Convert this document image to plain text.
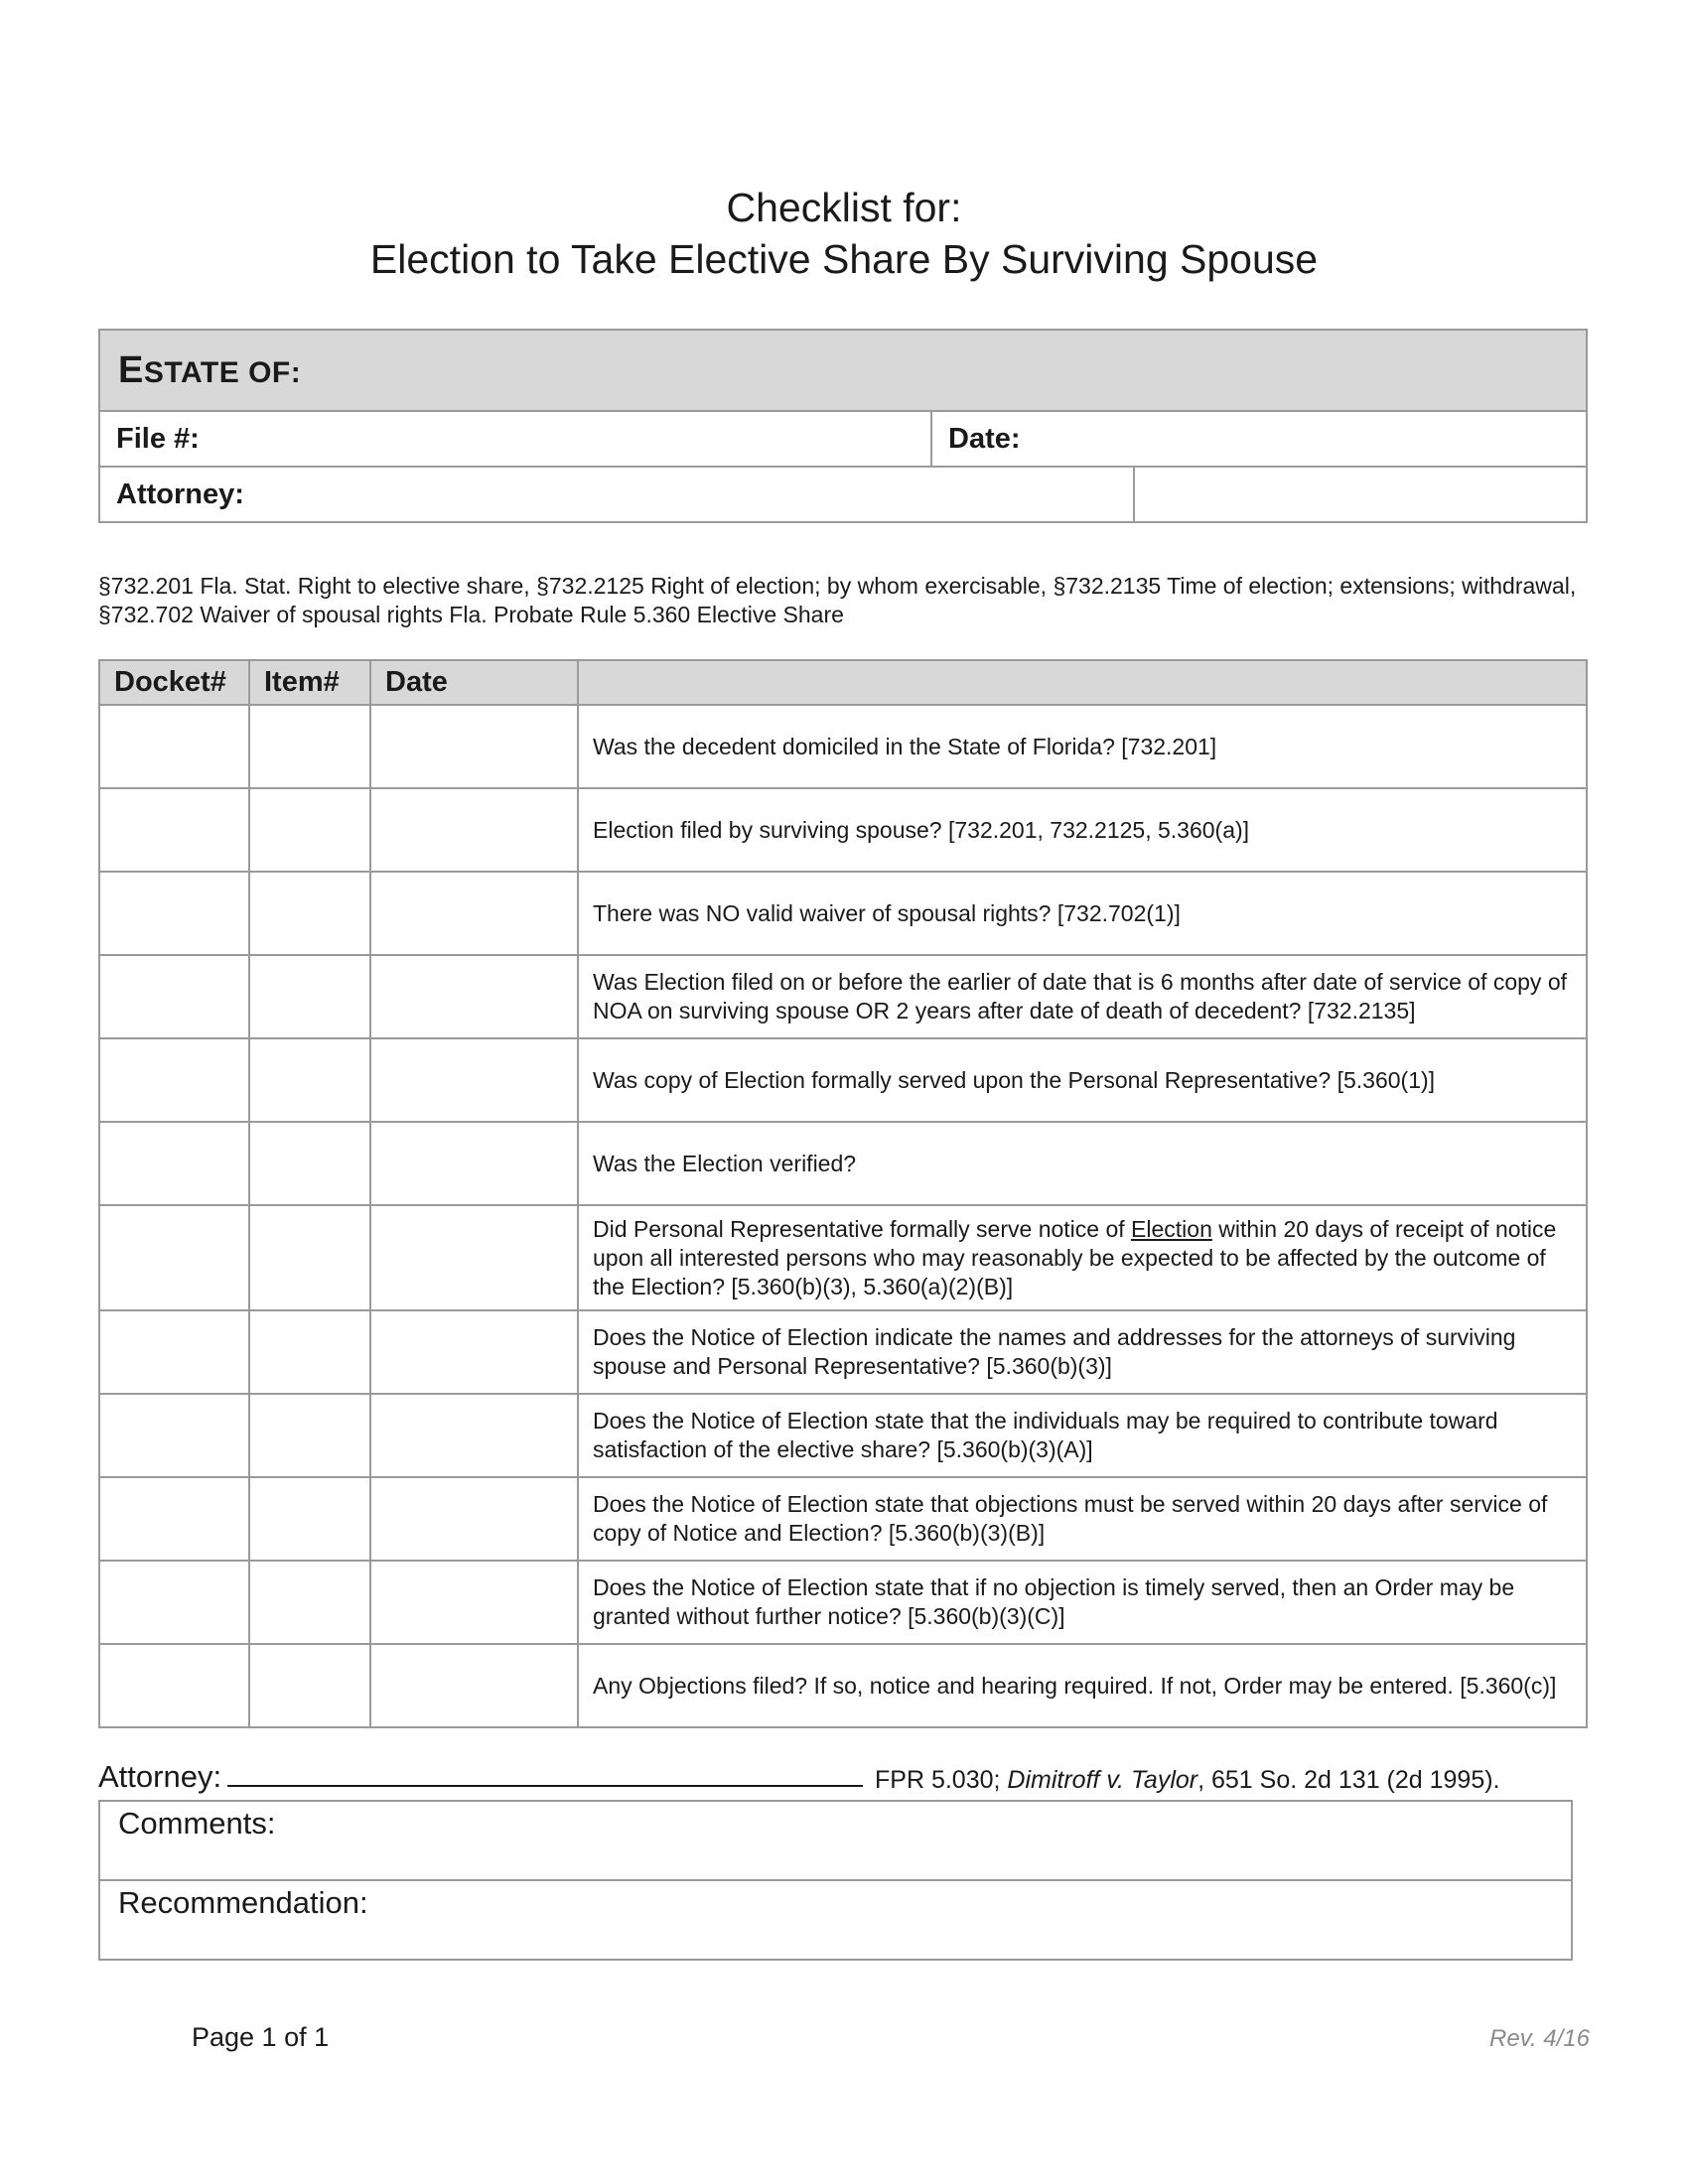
Checklist for:
Election to Take Elective Share By Surviving Spouse
ESTATE OF:
File #:	Date:
Attorney:
§732.201 Fla. Stat. Right to elective share, §732.2125 Right of election; by whom exercisable, §732.2135 Time of election; extensions; withdrawal, §732.702 Waiver of spousal rights Fla. Probate Rule 5.360 Elective Share
Docket#	Item#	Date	
			Was the decedent domiciled in the State of Florida? [732.201]
			Election filed by surviving spouse? [732.201, 732.2125, 5.360(a)]
			There was NO valid waiver of spousal rights? [732.702(1)]
			Was Election filed on or before the earlier of date that is 6 months after date of service of copy of NOA on surviving spouse OR 2 years after date of death of decedent? [732.2135]
			Was copy of Election formally served upon the Personal Representative? [5.360(1)]
			Was the Election verified?
			Did Personal Representative formally serve notice of Election within 20 days of receipt of notice upon all interested persons who may reasonably be expected to be affected by the outcome of the Election? [5.360(b)(3), 5.360(a)(2)(B)]
			Does the Notice of Election indicate the names and addresses for the attorneys of surviving spouse and Personal Representative? [5.360(b)(3)]
			Does the Notice of Election state that the individuals may be required to contribute toward satisfaction of the elective share? [5.360(b)(3)(A)]
			Does the Notice of Election state that objections must be served within 20 days after service of copy of Notice and Election? [5.360(b)(3)(B)]
			Does the Notice of Election state that if no objection is timely served, then an Order may be granted without further notice? [5.360(b)(3)(C)]
			Any Objections filed? If so, notice and hearing required. If not, Order may be entered. [5.360(c)]
Attorney:	FPR 5.030; Dimitroff v. Taylor, 651 So. 2d 131 (2d 1995).
Comments:
Recommendation:
Page 1 of 1	Rev. 4/16
